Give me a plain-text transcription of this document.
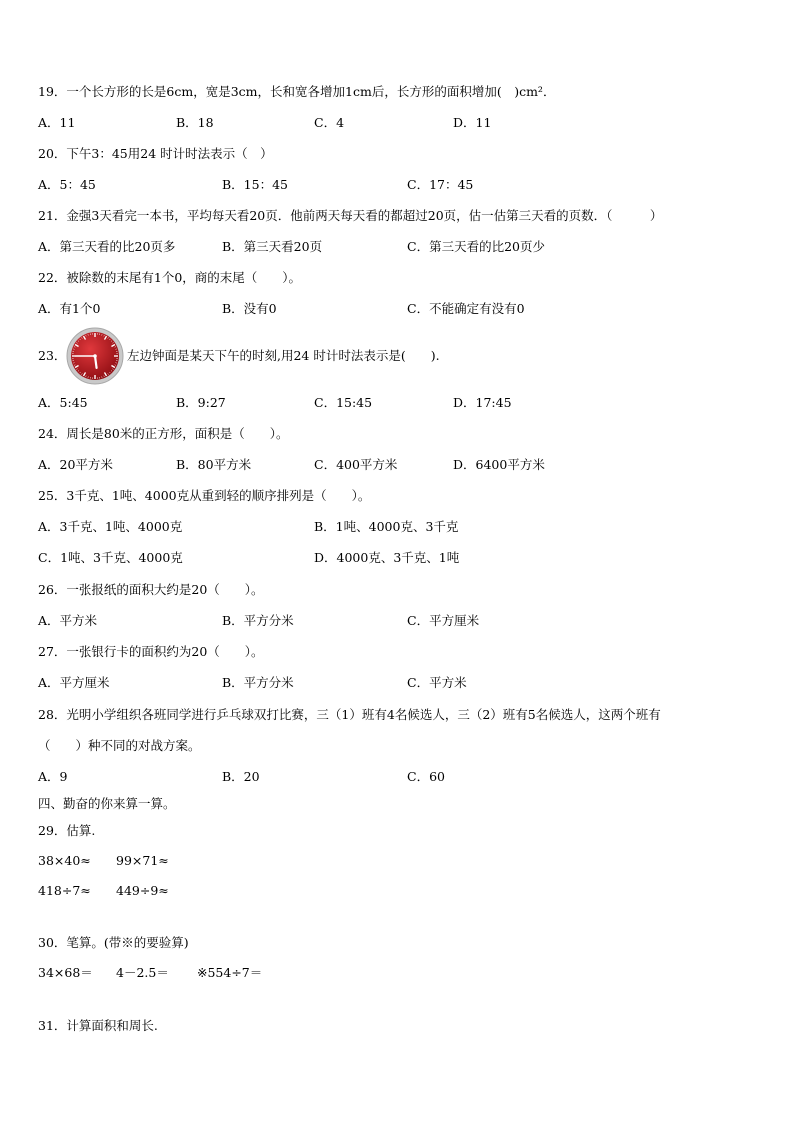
19．一个长方形的长是6cm，宽是3cm，长和宽各增加1cm后，长方形的面积增加(　)cm²．
A．11	B．18	C．4	D．11
20．下午3：45用24 时计时法表示（　）
A．5：45	B．15：45	C．17：45
21．金强3天看完一本书，平均每天看20页．他前两天每天看的都超过20页，估一估第三天看的页数．（　　　）
A．第三天看的比20页多	B．第三天看20页	C．第三天看的比20页少
22．被除数的末尾有1个0，商的末尾（　　）。
A．有1个0	B．没有0	C．不能确定有没有0
23．	左边钟面是某天下午的时刻,用24 时计时法表示是(　　).
A．5:45	B．9:27	C．15:45	D．17:45
24．周长是80米的正方形，面积是（　　）。
A．20平方米	B．80平方米	C．400平方米	D．6400平方米
25．3千克、1吨、4000克从重到轻的顺序排列是（　　）。
A．3千克、1吨、4000克	B．1吨、4000克、3千克
C．1吨、3千克、4000克	D．4000克、3千克、1吨
26．一张报纸的面积大约是20（　　）。
A．平方米	B．平方分米	C．平方厘米
27．一张银行卡的面积约为20（　　）。
A．平方厘米	B．平方分米	C．平方米
28．光明小学组织各班同学进行乒乓球双打比赛，三（1）班有4名候选人，三（2）班有5名候选人，这两个班有
（　　）种不同的对战方案。
A．9	B．20	C．60
四、勤奋的你来算一算。
29．估算.
38×40≈ 99×71≈
418÷7≈ 449÷9≈
30．笔算。(带※的要验算)
34×68＝ 4－2.5＝ ※554÷7＝
31．计算面积和周长.
